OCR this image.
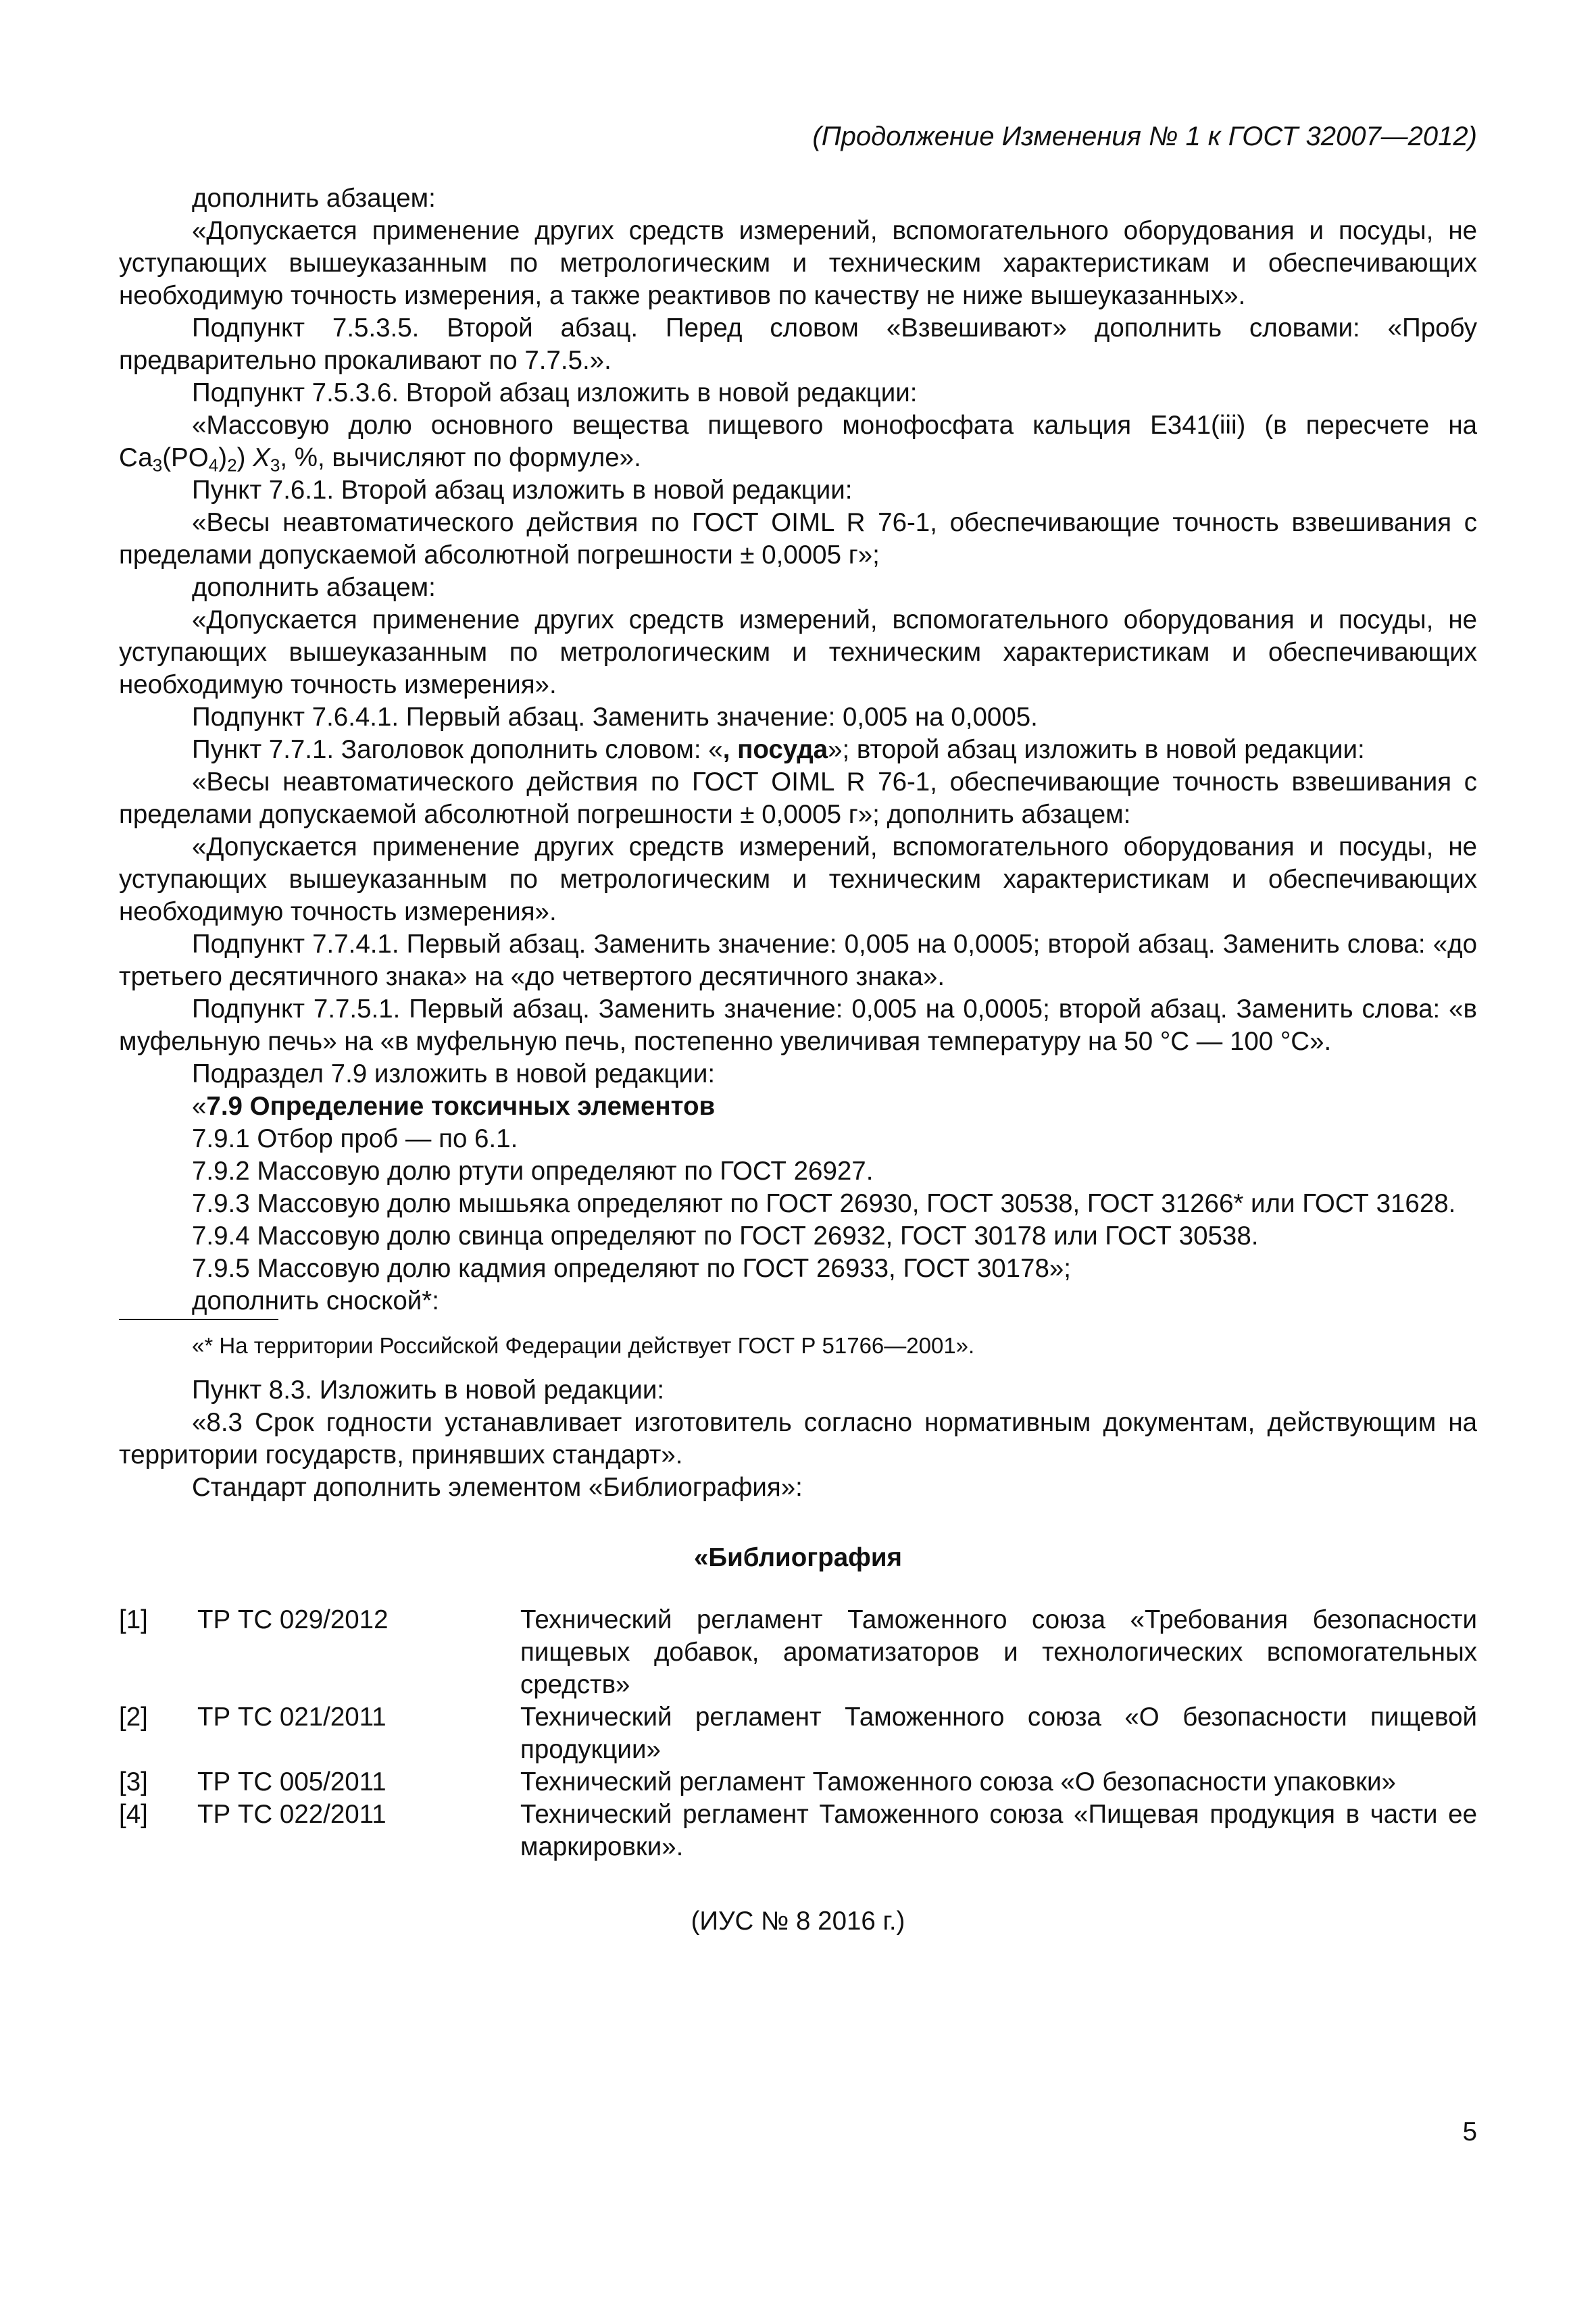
(Продолжение Изменения № 1 к ГОСТ 32007—2012)

дополнить абзацем:

«Допускается применение других средств измерений, вспомогательного оборудования и посуды, не уступающих вышеуказанным по метрологическим и техническим характеристикам и обеспечивающих необходимую точность измерения, а также реактивов по качеству не ниже вышеуказанных».

Подпункт 7.5.3.5. Второй абзац. Перед словом «Взвешивают» дополнить словами: «Пробу предварительно прокаливают по 7.7.5.».

Подпункт 7.5.3.6. Второй абзац изложить в новой редакции:

«Массовую долю основного вещества пищевого монофосфата кальция Е341(iii) (в пересчете на $Са_3(PO_4)_2$) $X_3$, %, вычисляют по формуле».

Пункт 7.6.1. Второй абзац изложить в новой редакции:

«Весы неавтоматического действия по ГОСТ OIML R 76-1, обеспечивающие точность взвешивания с пределами допускаемой абсолютной погрешности ± 0,0005 г»;

дополнить абзацем:

«Допускается применение других средств измерений, вспомогательного оборудования и посуды, не уступающих вышеуказанным по метрологическим и техническим характеристикам и обеспечивающих необходимую точность измерения».

Подпункт 7.6.4.1. Первый абзац. Заменить значение: 0,005 на 0,0005.

Пункт 7.7.1. Заголовок дополнить словом: «, посуда»; второй абзац изложить в новой редакции:

«Весы неавтоматического действия по ГОСТ OIML R 76-1, обеспечивающие точность взвешивания с пределами допускаемой абсолютной погрешности ± 0,0005 г»; дополнить абзацем:

«Допускается применение других средств измерений, вспомогательного оборудования и посуды, не уступающих вышеуказанным по метрологическим и техническим характеристикам и обеспечивающих необходимую точность измерения».

Подпункт 7.7.4.1. Первый абзац. Заменить значение: 0,005 на 0,0005; второй абзац. Заменить слова: «до третьего десятичного знака» на «до четвертого десятичного знака».

Подпункт 7.7.5.1. Первый абзац. Заменить значение: 0,005 на 0,0005; второй абзац. Заменить слова: «в муфельную печь» на «в муфельную печь, постепенно увеличивая температуру на 50 °С — 100 °С».

Подраздел 7.9 изложить в новой редакции:

«7.9 Определение токсичных элементов

7.9.1 Отбор проб — по 6.1.

7.9.2 Массовую долю ртути определяют по ГОСТ 26927.

7.9.3 Массовую долю мышьяка определяют по ГОСТ 26930, ГОСТ 30538, ГОСТ 31266* или ГОСТ 31628.

7.9.4 Массовую долю свинца определяют по ГОСТ 26932, ГОСТ 30178 или ГОСТ 30538.

7.9.5 Массовую долю кадмия определяют по ГОСТ 26933, ГОСТ 30178»;

дополнить сноской*:

«* На территории Российской Федерации действует ГОСТ Р 51766—2001».

Пункт 8.3. Изложить в новой редакции:

«8.3 Срок годности устанавливает изготовитель согласно нормативным документам, действующим на территории государств, принявших стандарт».

Стандарт дополнить элементом «Библиография»:

«Библиография
[1]	ТР ТС 029/2012	Технический регламент Таможенного союза «Требования безопасности пищевых добавок, ароматизаторов и технологических вспомогательных средств»
[2]	ТР ТС 021/2011	Технический регламент Таможенного союза «О безопасности пищевой продукции»
[3]	ТР ТС 005/2011	Технический регламент Таможенного союза «О безопасности упаковки»
[4]	ТР ТС 022/2011	Технический регламент Таможенного союза «Пищевая продукция в части ее маркировки».
(ИУС № 8 2016 г.)
5
